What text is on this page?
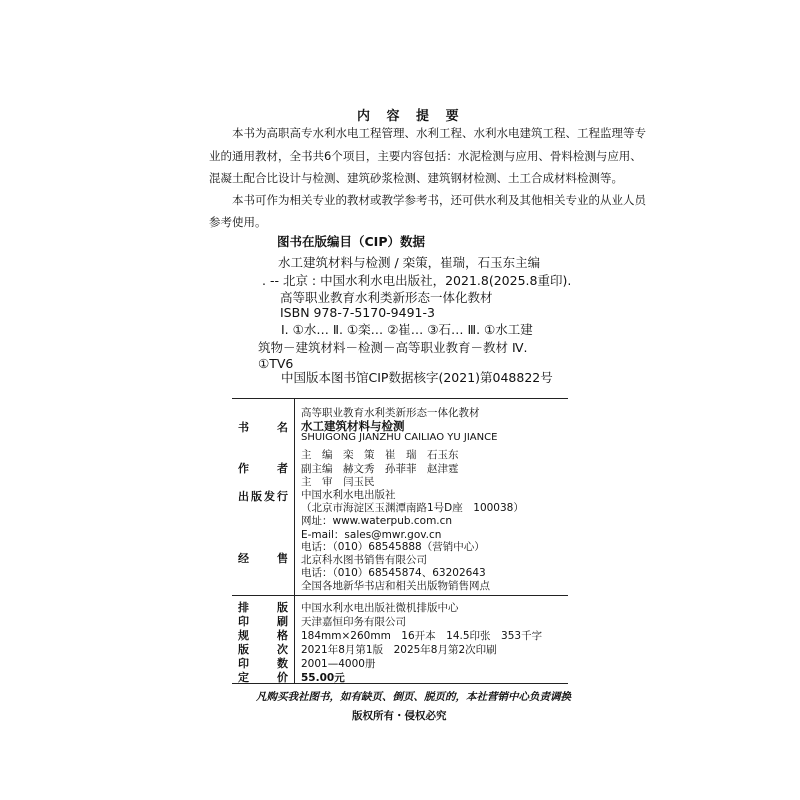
内 容 提 要
本书为高职高专水利水电工程管理、水利工程、水利水电建筑工程、工程监理等专
业的通用教材，全书共6个项目，主要内容包括：水泥检测与应用、骨料检测与应用、
混凝土配合比设计与检测、建筑砂浆检测、建筑钢材检测、土工合成材料检测等。
本书可作为相关专业的教材或教学参考书，还可供水利及其他相关专业的从业人员
参考使用。
图书在版编目（CIP）数据
水工建筑材料与检测 / 栾策，崔瑞，石玉东主编
. -- 北京 : 中国水利水电出版社，2021.8(2025.8重印).
高等职业教育水利类新形态一体化教材
ISBN 978-7-5170-9491-3
Ⅰ. ①水… Ⅱ. ①栾… ②崔… ③石… Ⅲ. ①水工建
筑物－建筑材料－检测－高等职业教育－教材 Ⅳ.
①TV6
中国版本图书馆CIP数据核字(2021)第048822号
书　　名
作　　者
出版发行
经　　售
高等职业教育水利类新形态一体化教材
水工建筑材料与检测
SHUIGONG JIANZHU CAILIAO YU JIANCE
主　编　栾　策　崔　瑞　石玉东
副主编　赫文秀　孙菲菲　赵津霆
主　审　闫玉民
中国水利水电出版社
（北京市海淀区玉渊潭南路1号D座　100038）
网址：www.waterpub.com.cn
E-mail：sales@mwr.gov.cn
电话：（010）68545888（营销中心）
北京科水图书销售有限公司
电话：（010）68545874、63202643
全国各地新华书店和相关出版物销售网点
排　　版 中国水利水电出版社微机排版中心
印　　刷 天津嘉恒印务有限公司
规　　格 184mm×260mm　16开本　14.5印张　353千字
版　　次 2021年8月第1版　2025年8月第2次印刷
印　　数 2001—4000册
定　　价 55.00元
凡购买我社图书，如有缺页、倒页、脱页的，本社营销中心负责调换
版权所有・侵权必究
